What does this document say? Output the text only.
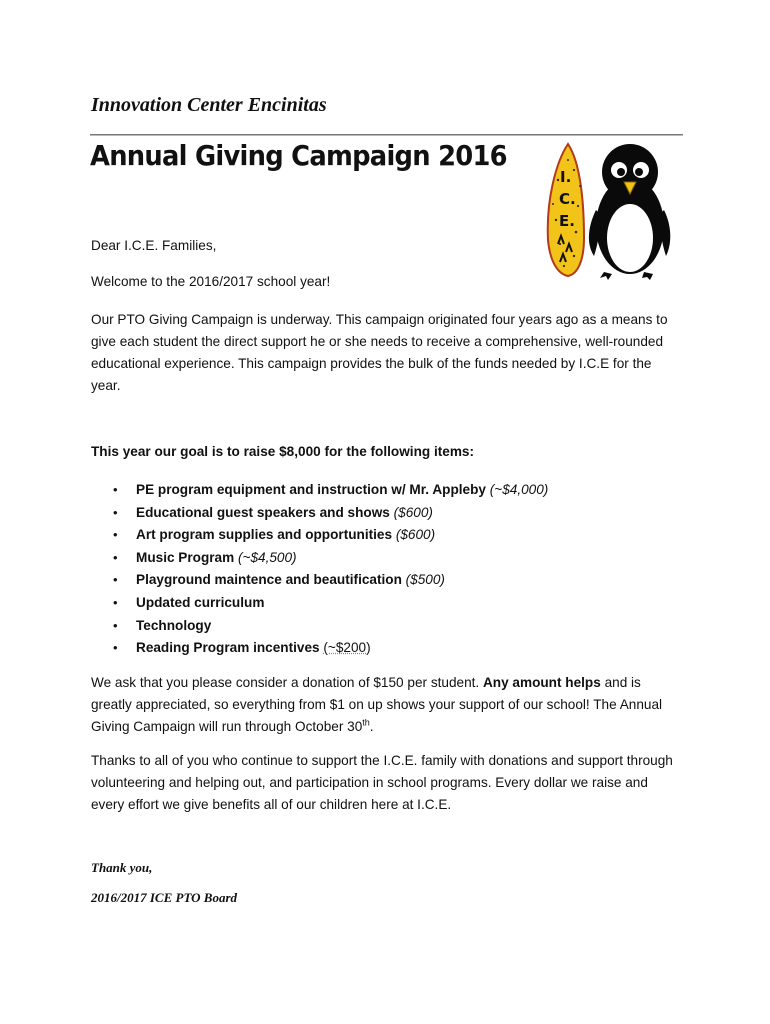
Innovation Center Encinitas
Annual Giving Campaign 2016
I.
C.
E.

Dear I.C.E. Families,

Welcome to the 2016/2017 school year!

Our PTO Giving Campaign is underway. This campaign originated four years ago as a means to give each student the direct support he or she needs to receive a comprehensive, well-rounded educational experience. This campaign provides the bulk of the funds needed by I.C.E for the year.

This year our goal is to raise $8,000 for the following items:

• PE program equipment and instruction w/ Mr. Appleby (~$4,000)
• Educational guest speakers and shows ($600)
• Art program supplies and opportunities ($600)
• Music Program (~$4,500)
• Playground maintence and beautification ($500)
• Updated curriculum
• Technology
• Reading Program incentives (~$200)

We ask that you please consider a donation of $150 per student. Any amount helps and is greatly appreciated, so everything from $1 on up shows your support of our school! The Annual Giving Campaign will run through October 30th.

Thanks to all of you who continue to support the I.C.E. family with donations and support through volunteering and helping out, and participation in school programs. Every dollar we raise and every effort we give benefits all of our children here at I.C.E.

Thank you,

2016/2017 ICE PTO Board
